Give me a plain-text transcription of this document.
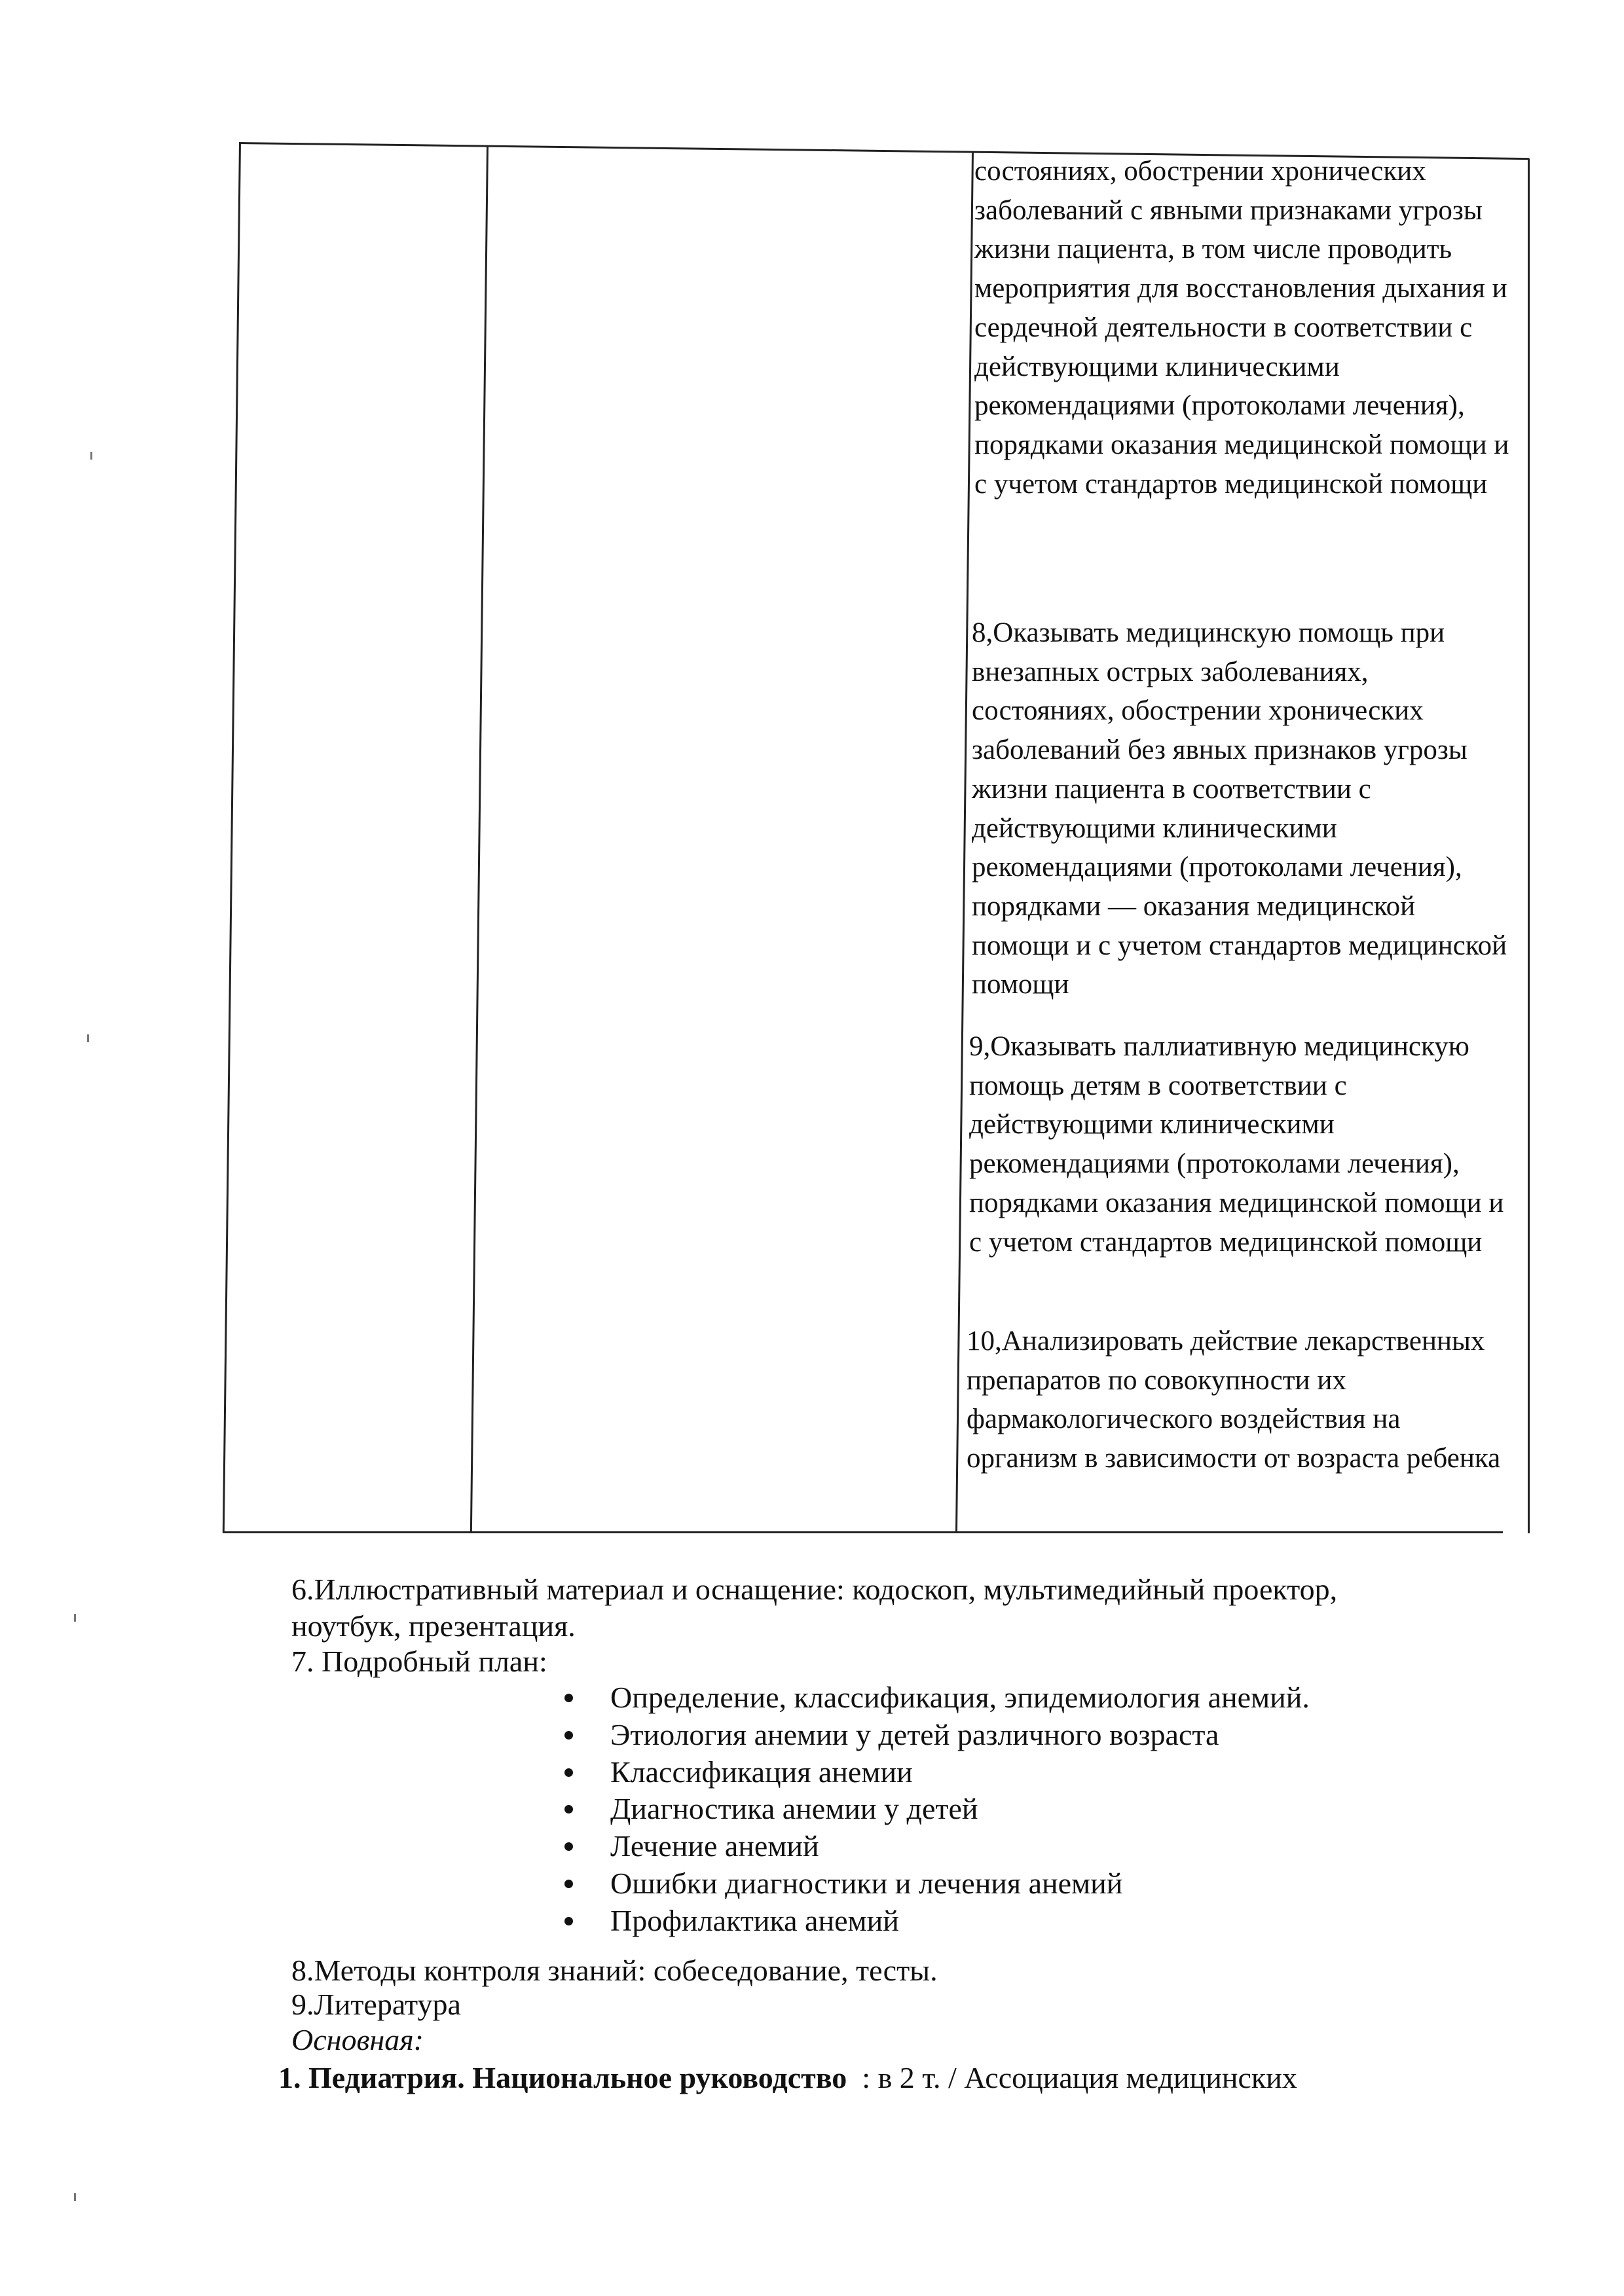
состояниях, обострении хронических заболеваний с явными признаками угрозы жизни пациента, в том числе проводить мероприятия для восстановления дыхания и сердечной деятельности в соответствии с действующими клиническими рекомендациями (протоколами лечения), порядками оказания медицинской помощи и с учетом стандартов медицинской помощи

8,Оказывать медицинскую помощь при внезапных острых заболеваниях, состояниях, обострении хронических заболеваний без явных признаков угрозы жизни пациента в соответствии с действующими клиническими рекомендациями (протоколами лечения), порядками — оказания медицинской помощи и с учетом стандартов медицинской помощи

9,Оказывать паллиативную медицинскую помощь детям в соответствии с действующими клиническими рекомендациями (протоколами лечения), порядками оказания медицинской помощи и с учетом стандартов медицинской помощи

10,Анализировать действие лекарственных препаратов по совокупности их фармакологического воздействия на организм в зависимости от возраста ребенка

6.Иллюстративный материал и оснащение: кодоскоп, мультимедийный проектор,
ноутбук, презентация.
7. Подробный план:
Определение, классификация, эпидемиология анемий.
Этиология анемии у детей различного возраста
Классификация анемии
Диагностика анемии у детей
Лечение анемий
Ошибки диагностики и лечения анемий
Профилактика анемий
8.Методы контроля знаний: собеседование, тесты.
9.Литература
Основная:
1. Педиатрия. Национальное руководство  : в 2 т. / Ассоциация медицинских
